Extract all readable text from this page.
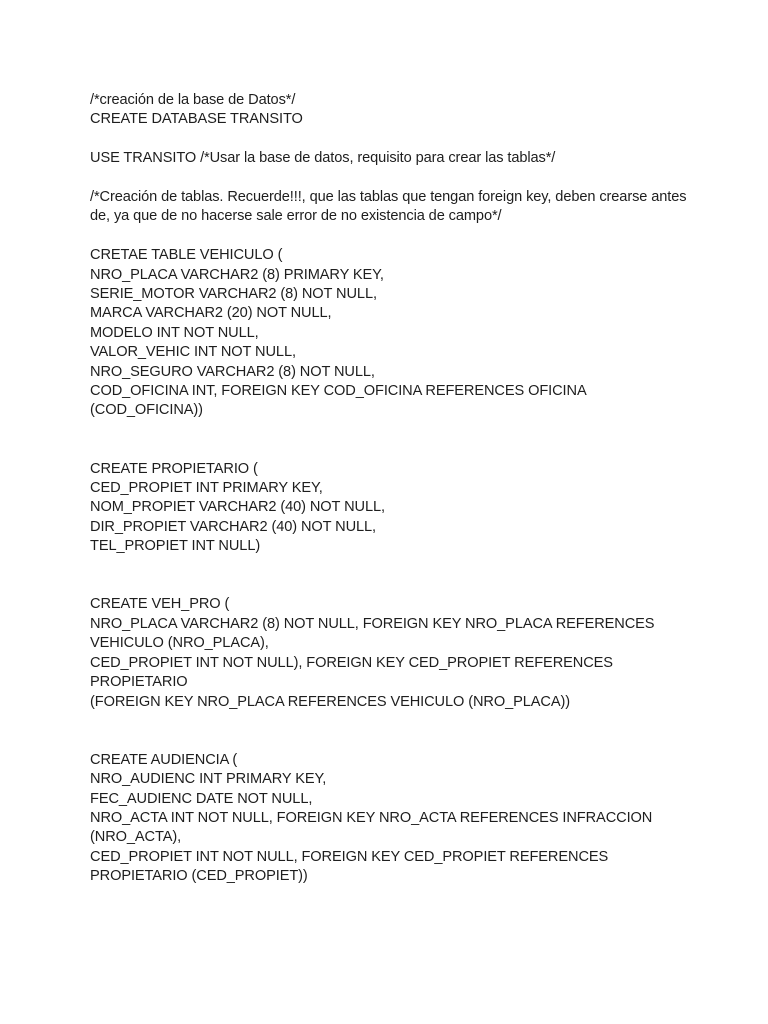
/*creación de la base de Datos*/

CREATE DATABASE TRANSITO

USE TRANSITO /*Usar la base de datos, requisito para crear las tablas*/

/*Creación de tablas. Recuerde!!!, que las tablas que tengan foreign key, deben crearse antes

de, ya que de no hacerse sale error de no existencia de campo*/

CRETAE TABLE VEHICULO (

NRO_PLACA VARCHAR2 (8) PRIMARY KEY,

SERIE_MOTOR VARCHAR2 (8) NOT NULL,

MARCA VARCHAR2 (20) NOT NULL,

MODELO INT NOT NULL,

VALOR_VEHIC INT NOT NULL,

NRO_SEGURO VARCHAR2 (8) NOT NULL,

COD_OFICINA INT, FOREIGN KEY COD_OFICINA REFERENCES OFICINA

(COD_OFICINA))

CREATE PROPIETARIO (

CED_PROPIET INT PRIMARY KEY,

NOM_PROPIET VARCHAR2 (40) NOT NULL,

DIR_PROPIET VARCHAR2 (40) NOT NULL,

TEL_PROPIET INT NULL)

CREATE VEH_PRO (

NRO_PLACA VARCHAR2 (8) NOT NULL, FOREIGN KEY NRO_PLACA REFERENCES

VEHICULO (NRO_PLACA),

CED_PROPIET INT NOT NULL), FOREIGN KEY CED_PROPIET REFERENCES

PROPIETARIO

(FOREIGN KEY NRO_PLACA REFERENCES VEHICULO (NRO_PLACA))

CREATE AUDIENCIA (

NRO_AUDIENC INT PRIMARY KEY,

FEC_AUDIENC DATE NOT NULL,

NRO_ACTA INT NOT NULL, FOREIGN KEY NRO_ACTA REFERENCES INFRACCION

(NRO_ACTA),

CED_PROPIET INT NOT NULL, FOREIGN KEY CED_PROPIET REFERENCES

PROPIETARIO (CED_PROPIET))
